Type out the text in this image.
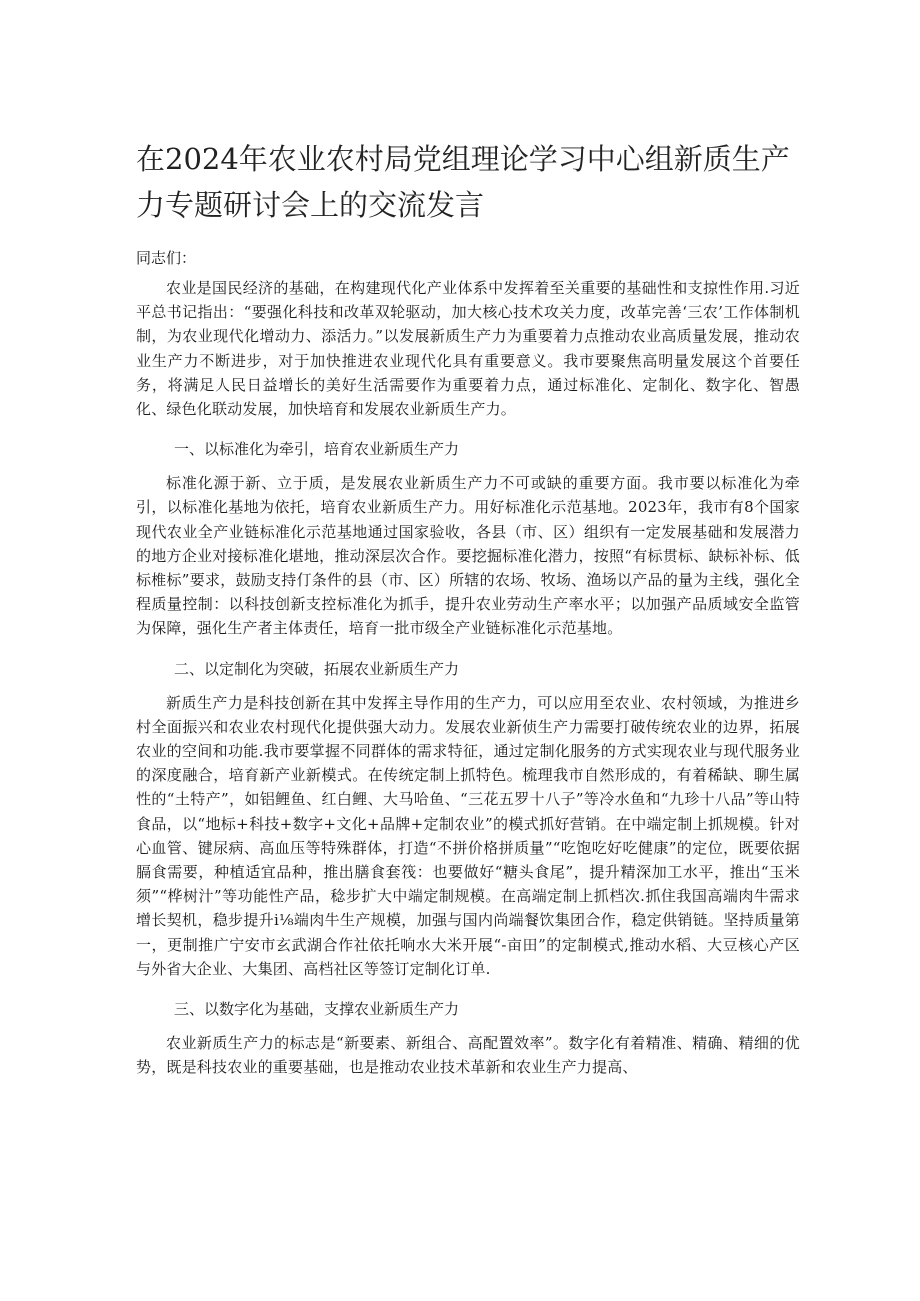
在2024年农业农村局党组理论学习中心组新质生产力专题研讨会上的交流发言

同志们：

农业是国民经济的基础，在构建现代化产业体系中发挥着至关重要的基础性和支掠性作用.习近平总书记指出：“要强化科技和改革双轮驱动，加大核心技术攻关力度，改革完善‘三农’工作体制机制，为农业现代化增动力、添活力。”以发展新质生产力为重要着力点推动农业高质量发展，推动农业生产力不断进步，对于加快推进农业现代化具有重要意义。我市要聚焦高明量发展这个首要任务，将满足人民日益增长的美好生活需要作为重要着力点，通过标准化、定制化、数字化、智愚化、绿色化联动发展，加快培育和发展农业新质生产力。

一、以标准化为牵引，培育农业新质生产力

标准化源于新、立于质，是发展农业新质生产力不可或缺的重要方面。我市要以标准化为牵引，以标准化基地为依托，培育农业新质生产力。用好标准化示范基地。2023年，我市有8个国家现代农业全产业链标准化示范基地通过国家验收，各县（市、区）组织有一定发展基础和发展潜力的地方企业对接标准化堪地，推动深层次合作。要挖掘标准化潜力，按照“有标贯标、缺标补标、低标椎标”要求，鼓励支持仃条件的县（市、区）所辖的农场、牧场、渔场以产品的量为主线，强化全程质量控制：以科技创新支控标准化为抓手，提升农业劳动生产率水平；以加强产品质域安全监管为保障，强化生产者主体责任，培育一批市级全产业链标准化示范基地。

二、以定制化为突破，拓展农业新质生产力

新质生产力是科技创新在其中发挥主导作用的生产力，可以应用至农业、农村领域，为推进乡村全面振兴和农业农村现代化提供强大动力。发展农业新侦生产力需要打破传统农业的边界，拓展农业的空间和功能.我市要掌握不同群体的需求特征，通过定制化服务的方式实现农业与现代服务业的深度融合，培育新产业新模式。在传统定制上抓特色。梳理我市自然形成的，有着稀缺、聊生属性的“土特产”，如铝鲤鱼、红白鲤、大马哈鱼、“三花五罗十八子”等冷水鱼和“九珍十八品”等山特食品，以“地标+科技+数字+文化+品牌+定制农业”的模式抓好营销。在中端定制上抓规模。针对心血管、键尿病、高血压等特殊群体，打造“不拼价格拼质量”“吃饱吃好吃健康”的定位，既要依据膈食需要，种植适宜品种，推出膳食套筏：也要做好“糖头食尾”，提升精深加工水平，推出“玉米须”“桦树汁”等功能性产品，稔步扩大中端定制规模。在高端定制上抓档次.抓住我国高端肉牛需求增长契机，稳步提升i⅛端肉牛生产规模，加强与国内尚端餐饮集团合作，稳定供销链。坚持质量第一，更制推广宁安市玄武湖合作社依托响水大米开展“-亩田”的定制模式,推动水稻、大豆核心产区与外省大企业、大集团、高档社区等签订定制化订单.

三、以数字化为基础，支撑农业新质生产力

农业新质生产力的标志是“新要素、新组合、高配置效率”。数字化有着精准、精确、精细的优势，既是科技农业的重要基础，也是推动农业技术革新和农业生产力提高、
